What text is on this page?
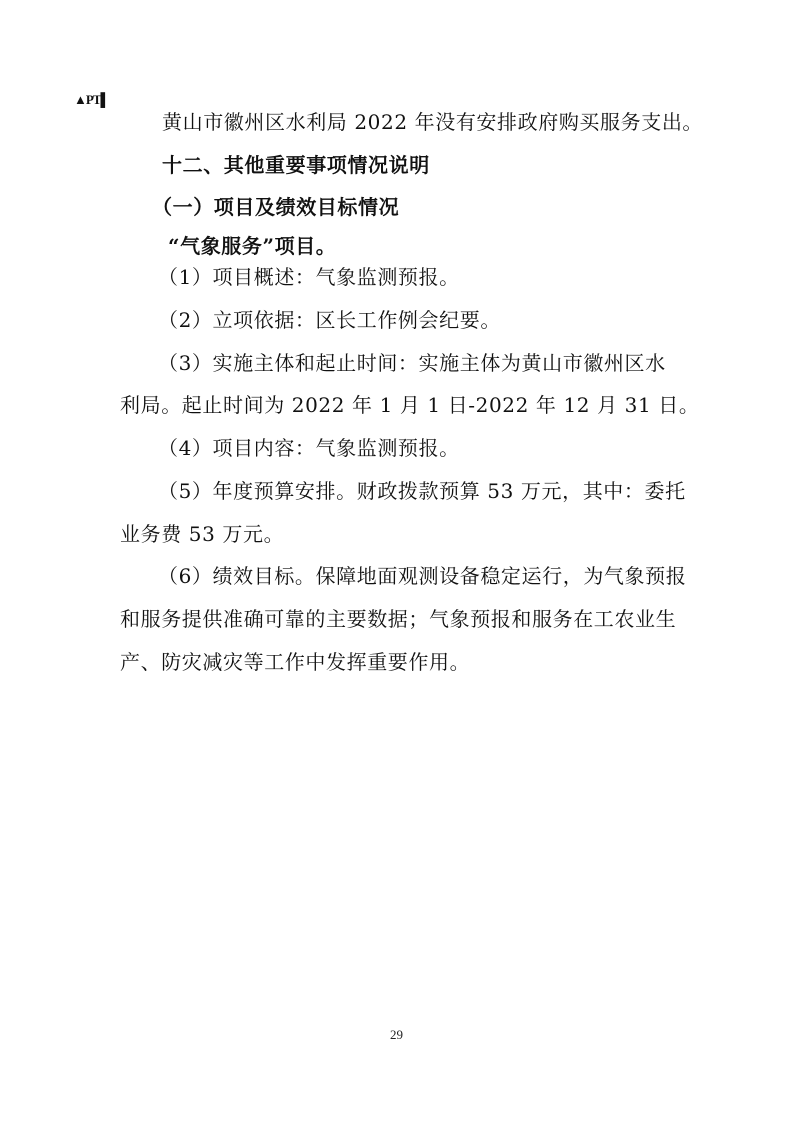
▲PT▌
黄山市徽州区水利局 2022 年没有安排政府购买服务支出。
十二、其他重要事项情况说明
（一）项目及绩效目标情况
“气象服务”项目。
（1）项目概述：气象监测预报。
（2）立项依据：区长工作例会纪要。
（3）实施主体和起止时间：实施主体为黄山市徽州区水
利局。起止时间为 2022 年 1 月 1 日-2022 年 12 月 31 日。
（4）项目内容：气象监测预报。
（5）年度预算安排。财政拨款预算 53 万元，其中：委托
业务费 53 万元。
（6）绩效目标。保障地面观测设备稳定运行，为气象预报
和服务提供准确可靠的主要数据；气象预报和服务在工农业生
产、防灾减灾等工作中发挥重要作用。
29
